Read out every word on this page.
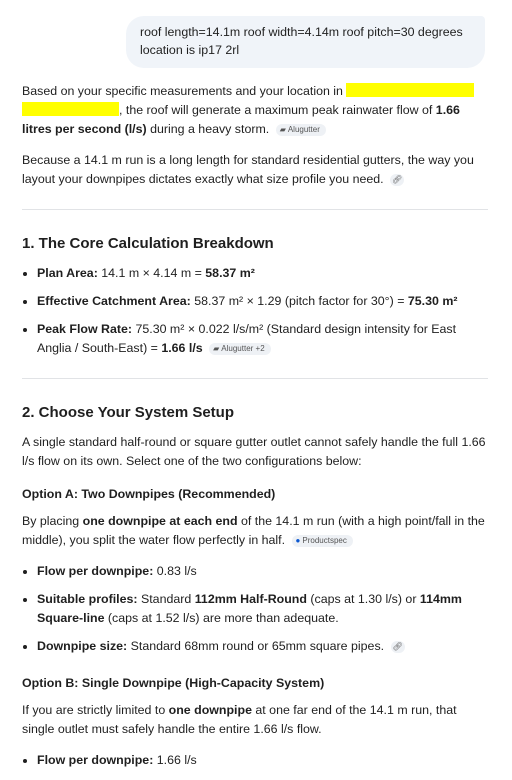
roof length=14.1m roof width=4.14m roof pitch=30 degrees
location is ip17 2rl

Based on your specific measurements and your location in
, the roof will generate a maximum peak rainwater flow of 1.66 litres per second (l/s) during a heavy storm. ▰ Alugutter

Because a 14.1 m run is a long length for standard residential gutters, the way you layout your downpipes dictates exactly what size profile you need. 🔗︎

1. The Core Calculation Breakdown
• Plan Area: 14.1 m × 4.14 m = 58.37 m²
• Effective Catchment Area: 58.37 m² × 1.29 (pitch factor for 30°) = 75.30 m²
• Peak Flow Rate: 75.30 m² × 0.022 l/s/m² (Standard design intensity for East Anglia / South-East) = 1.66 l/s ▰ Alugutter +2
2. Choose Your System Setup

A single standard half-round or square gutter outlet cannot safely handle the full 1.66 l/s flow on its own. Select one of the two configurations below:

Option A: Two Downpipes (Recommended)

By placing one downpipe at each end of the 14.1 m run (with a high point/fall in the middle), you split the water flow perfectly in half. ● Productspec

• Flow per downpipe: 0.83 l/s
• Suitable profiles: Standard 112mm Half-Round (caps at 1.30 l/s) or 114mm Square-line (caps at 1.52 l/s) are more than adequate.
• Downpipe size: Standard 68mm round or 65mm square pipes. 🔗︎
Option B: Single Downpipe (High-Capacity System)

If you are strictly limited to one downpipe at one far end of the 14.1 m run, that single outlet must safely handle the entire 1.66 l/s flow.

• Flow per downpipe: 1.66 l/s
